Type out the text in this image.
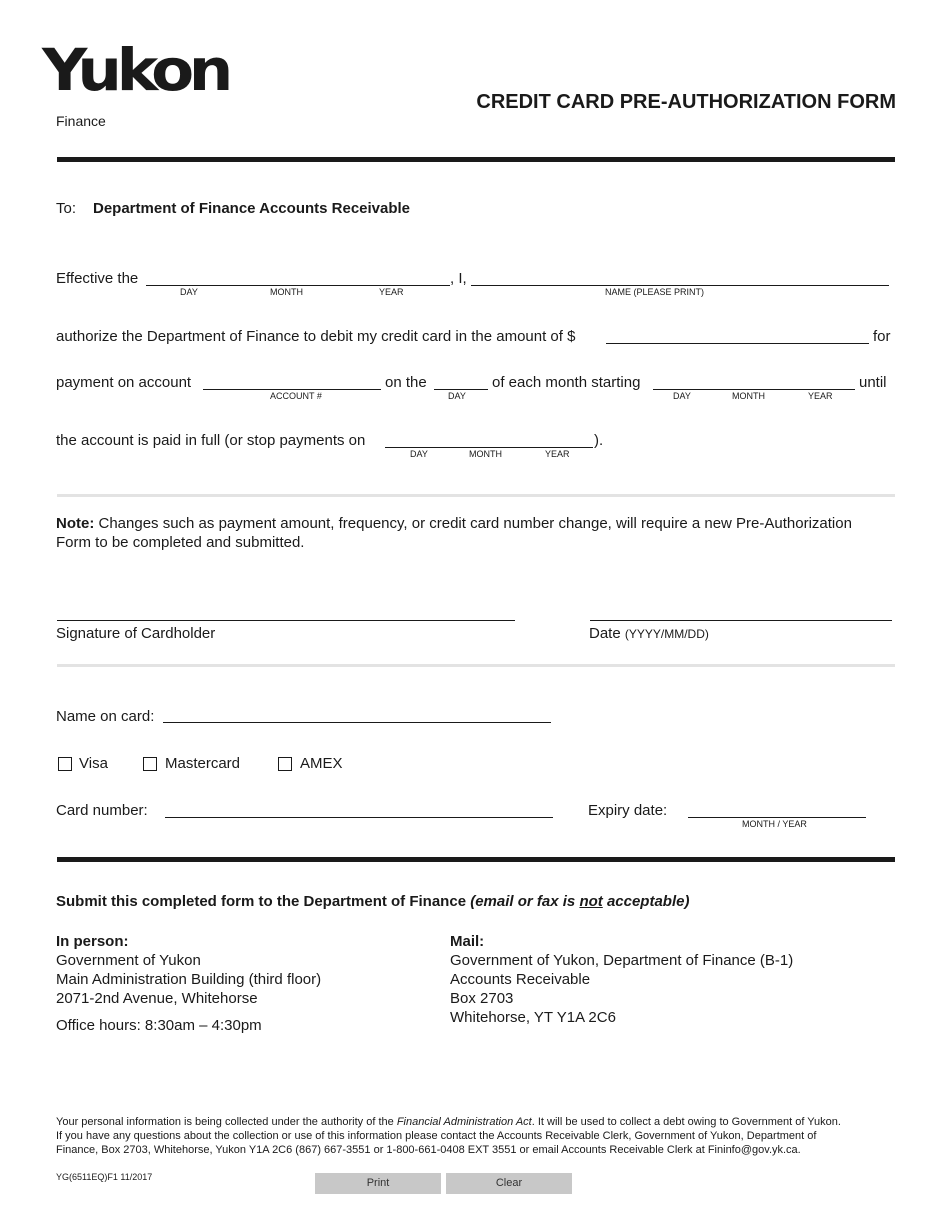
Yukon
Finance
CREDIT CARD PRE-AUTHORIZATION FORM
To: Department of Finance Accounts Receivable
Effective the	, I,
DAY	MONTH	YEAR	NAME (PLEASE PRINT)
authorize the Department of Finance to debit my credit card in the amount of $	for
payment on account	on the	of each month starting	until
ACCOUNT #	DAY	DAY	MONTH	YEAR
the account is paid in full (or stop payments on	).
DAY	MONTH	YEAR
Note: Changes such as payment amount, frequency, or credit card number change, will require a new Pre-Authorization
Form to be completed and submitted.
Signature of Cardholder	Date (YYYY/MM/DD)
Name on card:
Visa	Mastercard	AMEX
Card number:	Expiry date:
MONTH / YEAR
Submit this completed form to the Department of Finance (email or fax is not acceptable)
In person:
Government of Yukon
Main Administration Building (third floor)
2071-2nd Avenue, Whitehorse
Office hours: 8:30am – 4:30pm
Mail:
Government of Yukon, Department of Finance (B-1)
Accounts Receivable
Box 2703
Whitehorse, YT Y1A 2C6
Your personal information is being collected under the authority of the Financial Administration Act. It will be used to collect a debt owing to Government of Yukon.
If you have any questions about the collection or use of this information please contact the Accounts Receivable Clerk, Government of Yukon, Department of
Finance, Box 2703, Whitehorse, Yukon Y1A 2C6 (867) 667-3551 or 1-800-661-0408 EXT 3551 or email Accounts Receivable Clerk at Fininfo@gov.yk.ca.
YG(6511EQ)F1 11/2017	Print	Clear
